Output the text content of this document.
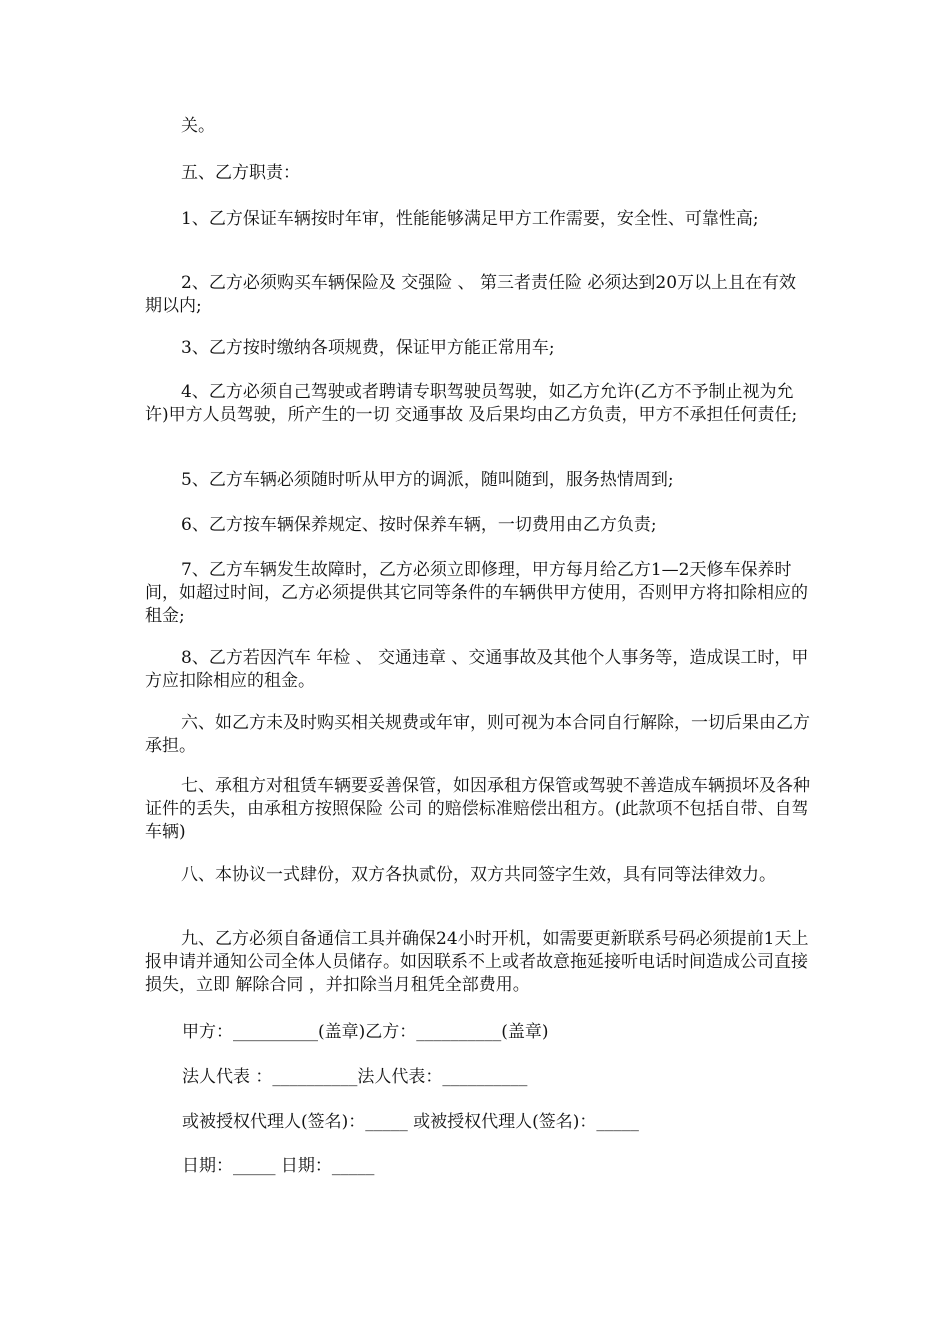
关。

五、乙方职责：

1、乙方保证车辆按时年审，性能能够满足甲方工作需要，安全性、可靠性高;

2、乙方必须购买车辆保险及 交强险 、 第三者责任险 必须达到20万以上且在有效期以内;

3、乙方按时缴纳各项规费，保证甲方能正常用车;

4、乙方必须自己驾驶或者聘请专职驾驶员驾驶，如乙方允许(乙方不予制止视为允许)甲方人员驾驶，所产生的一切 交通事故 及后果均由乙方负责，甲方不承担任何责任;

5、乙方车辆必须随时听从甲方的调派，随叫随到，服务热情周到;

6、乙方按车辆保养规定、按时保养车辆，一切费用由乙方负责;

7、乙方车辆发生故障时，乙方必须立即修理，甲方每月给乙方1—2天修车保养时间，如超过时间，乙方必须提供其它同等条件的车辆供甲方使用，否则甲方将扣除相应的租金;

8、乙方若因汽车 年检 、 交通违章 、交通事故及其他个人事务等，造成误工时，甲方应扣除相应的租金。

六、如乙方未及时购买相关规费或年审，则可视为本合同自行解除，一切后果由乙方承担。

七、承租方对租赁车辆要妥善保管，如因承租方保管或驾驶不善造成车辆损坏及各种证件的丢失，由承租方按照保险 公司 的赔偿标准赔偿出租方。(此款项不包括自带、自驾车辆)

八、本协议一式肆份，双方各执贰份，双方共同签字生效，具有同等法律效力。

九、乙方必须自备通信工具并确保24小时开机，如需要更新联系号码必须提前1天上报申请并通知公司全体人员储存。如因联系不上或者故意拖延接听电话时间造成公司直接损失，立即 解除合同 ，并扣除当月租凭全部费用。

甲方：__________(盖章)乙方：__________(盖章)

法人代表 ：__________法人代表：__________

或被授权代理人(签名)：_____ 或被授权代理人(签名)：_____

日期：_____ 日期：_____
